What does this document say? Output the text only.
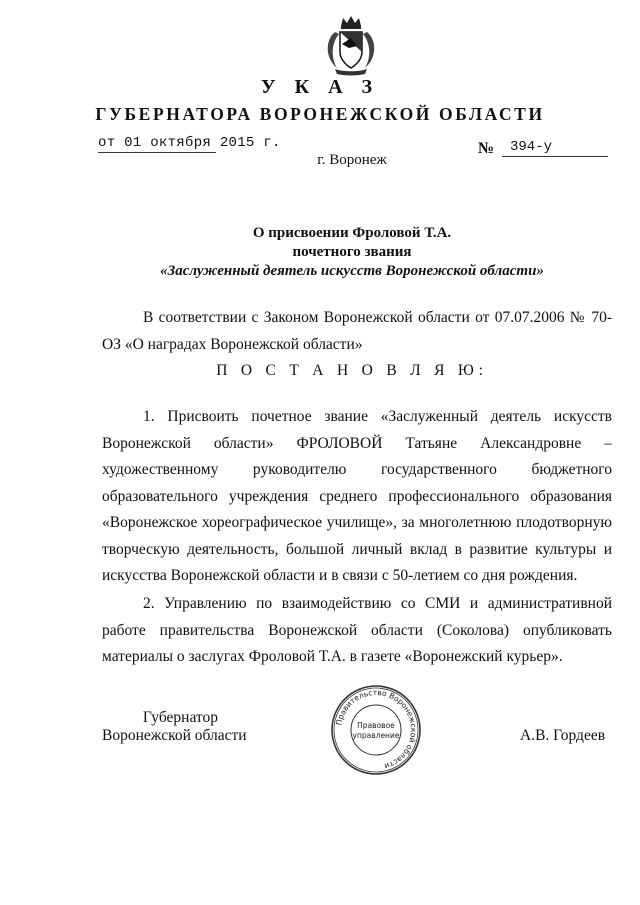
У К А З
ГУБЕРНАТОРА ВОРОНЕЖСКОЙ ОБЛАСТИ
от 01 октября 2015 г.	№ 394-у
г. Воронеж
О присвоении Фроловой Т.А.
почетного звания
«Заслуженный деятель искусств Воронежской области»
В соответствии с Законом Воронежской области от 07.07.2006 № 70-ОЗ «О наградах Воронежской области»
П О С Т А Н О В Л Я Ю:
1. Присвоить почетное звание «Заслуженный деятель искусств Воронежской области» ФРОЛОВОЙ Татьяне Александровне – художественному руководителю государственного бюджетного образовательного учреждения среднего профессионального образования «Воронежское хореографическое училище», за многолетнюю плодотворную творческую деятельность, большой личный вклад в развитие культуры и искусства Воронежской области и в связи с 50-летием со дня рождения.
2. Управлению по взаимодействию со СМИ и административной работе правительства Воронежской области (Соколова) опубликовать материалы о заслугах Фроловой Т.А. в газете «Воронежский курьер».
Губернатор
Воронежской области
Правительство Воронежской области
Правовое
управление	А.В. Гордеев
